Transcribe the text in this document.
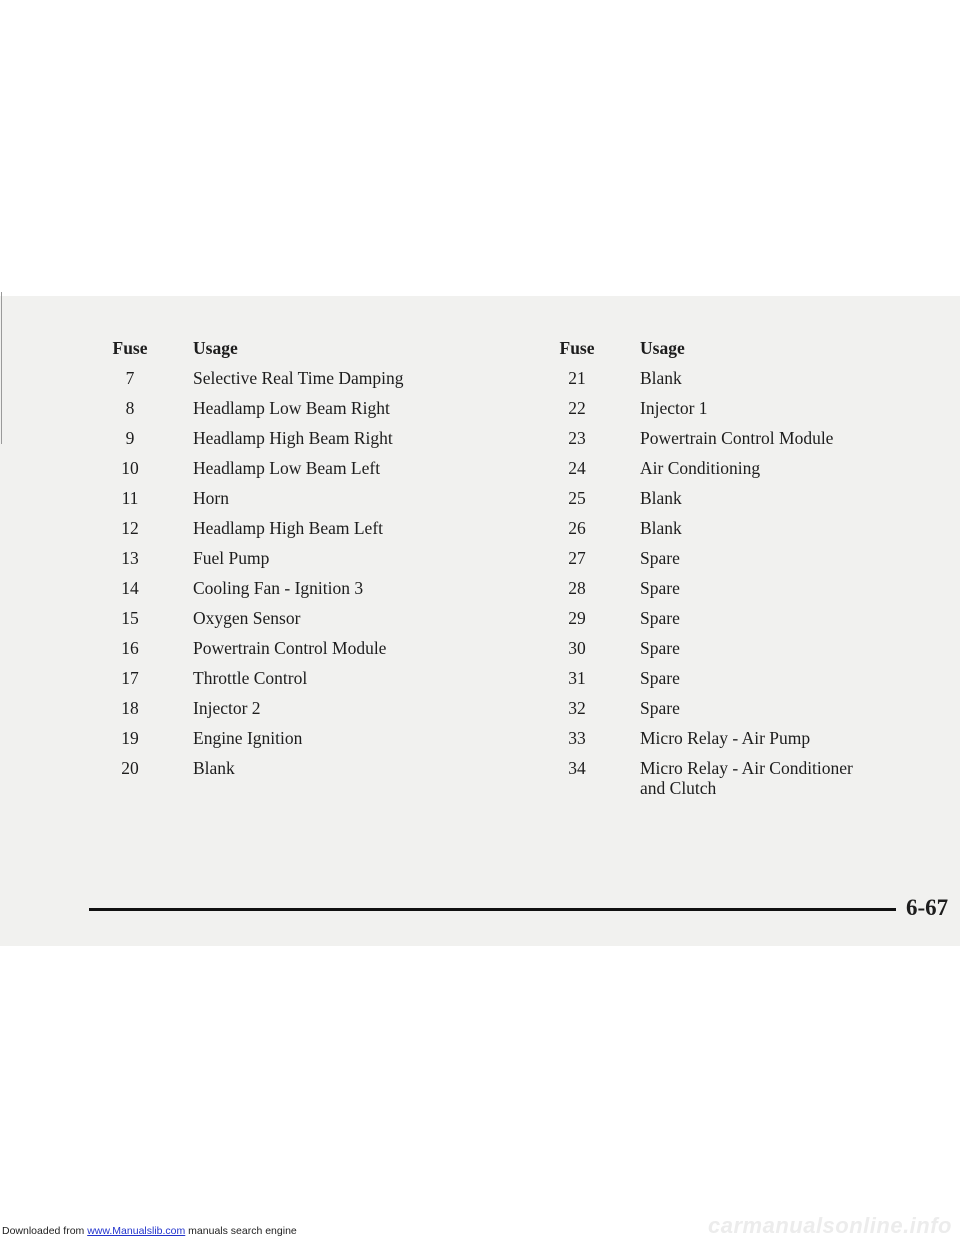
Fuse	Usage
7	Selective Real Time Damping
8	Headlamp Low Beam Right
9	Headlamp High Beam Right
10	Headlamp Low Beam Left
11	Horn
12	Headlamp High Beam Left
13	Fuel Pump
14	Cooling Fan - Ignition 3
15	Oxygen Sensor
16	Powertrain Control Module
17	Throttle Control
18	Injector 2
19	Engine Ignition
20	Blank
Fuse	Usage
21	Blank
22	Injector 1
23	Powertrain Control Module
24	Air Conditioning
25	Blank
26	Blank
27	Spare
28	Spare
29	Spare
30	Spare
31	Spare
32	Spare
33	Micro Relay - Air Pump
34	Micro Relay - Air Conditioner
and Clutch
6-67
Downloaded from www.Manualslib.com manuals search engine	carmanualsonline.info
